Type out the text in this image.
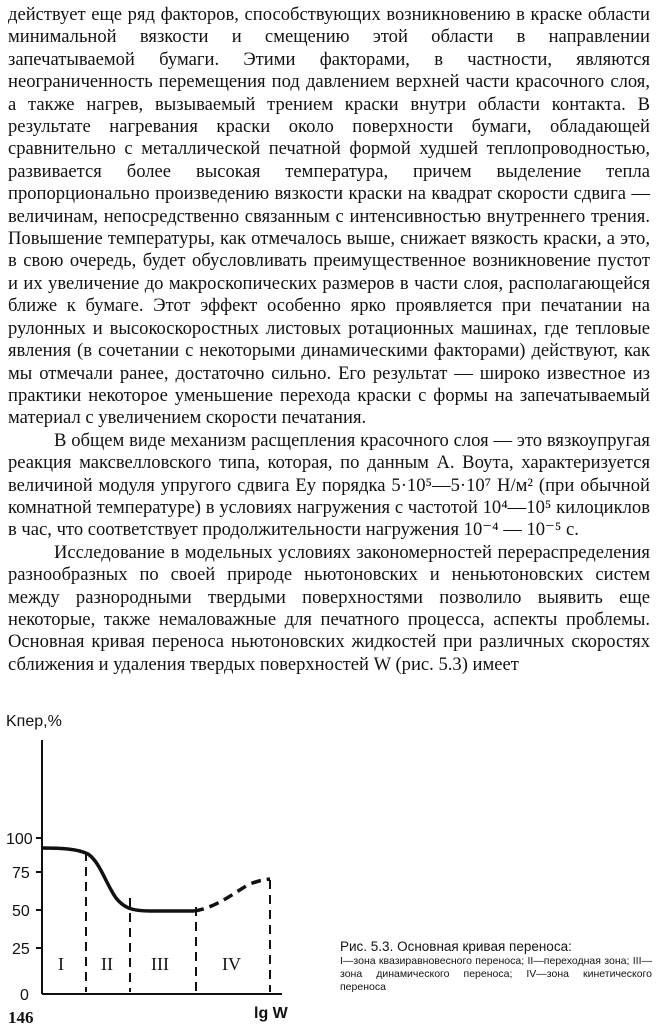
действует еще ряд факторов, способствующих возникновению в краске области минимальной вязкости и смещению этой области в направлении запечатываемой бумаги. Этими факторами, в частности, являются неограниченность перемещения под давлением верхней части красочного слоя, а также нагрев, вызываемый трением краски внутри области контакта. В результате нагревания краски около поверхности бумаги, обладающей сравнительно с металлической печатной формой худшей теплопроводностью, развивается более высокая температура, причем выделение тепла пропорционально произведению вязкости краски на квадрат скорости сдвига — величинам, непосредственно связанным с интенсивностью внутреннего трения. Повышение температуры, как отмечалось выше, снижает вязкость краски, а это, в свою очередь, будет обусловливать преимущественное возникновение пустот и их увеличение до макроскопических размеров в части слоя, располагающейся ближе к бумаге. Этот эффект особенно ярко проявляется при печатании на рулонных и высокоскоростных листовых ротационных машинах, где тепловые явления (в сочетании с некоторыми динамическими факторами) действуют, как мы отмечали ранее, достаточно сильно. Его результат — широко известное из практики некоторое уменьшение перехода краски с формы на запечатываемый материал с увеличением скорости печатания.

В общем виде механизм расщепления красочного слоя — это вязкоупругая реакция максвелловского типа, которая, по данным А. Воута, характеризуется величиной модуля упругого сдвига Eу порядка 5·10⁵—5·10⁷ Н/м² (при обычной комнатной температуре) в условиях нагружения с частотой 10⁴—10⁵ килоциклов в час, что соответствует продолжительности нагружения 10⁻⁴ — 10⁻⁵ с.

Исследование в модельных условиях закономерностей перераспределения разнообразных по своей природе ньютоновских и неньютоновских систем между разнородными твердыми поверхностями позволило выявить еще некоторые, также немаловажные для печатного процесса, аспекты проблемы. Основная кривая переноса ньютоновских жидкостей при различных скоростях сближения и удаления твердых поверхностей W (рис. 5.3) имеет

Kпер,%
100
75
50
25
0
I II III	IV
lg W

Рис. 5.3. Основная кривая переноса:

I—зона квазиравновесного переноса; II—переходная зона; III—зона динамического переноса; IV—зона кинетического переноса

146
